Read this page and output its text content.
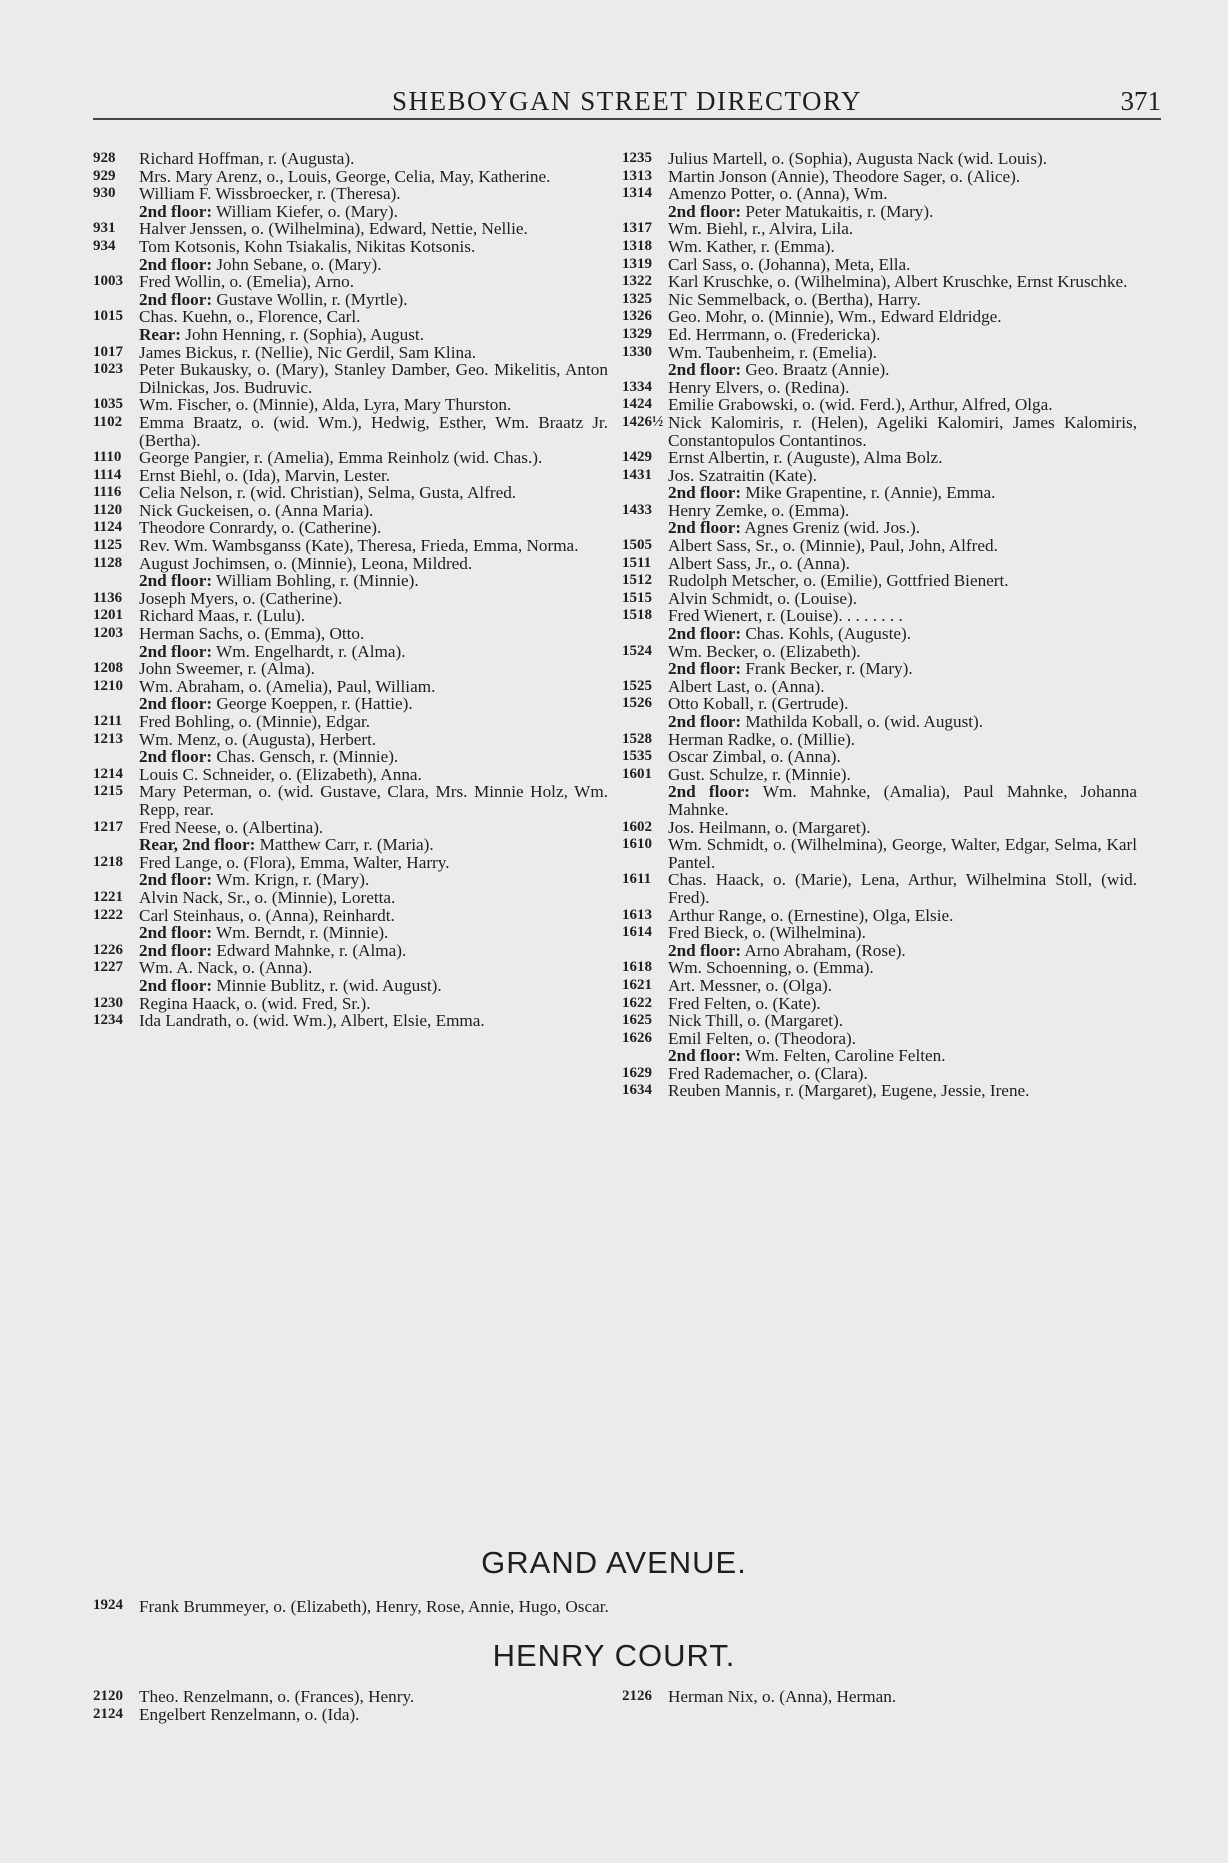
SHEBOYGAN STREET DIRECTORY	371
928	Richard Hoffman, r. (Augusta).
929	Mrs. Mary Arenz, o., Louis, George, Celia, May, Katherine.
930	William F. Wissbroecker, r. (Theresa).
2nd floor: William Kiefer, o. (Mary).
931	Halver Jenssen, o. (Wilhelmina), Edward, Nettie, Nellie.
934	Tom Kotsonis, Kohn Tsiakalis, Nikitas Kotsonis.
2nd floor: John Sebane, o. (Mary).
1003 Fred Wollin, o. (Emelia), Arno.
2nd floor: Gustave Wollin, r. (Myrtle).
1015 Chas. Kuehn, o., Florence, Carl.
Rear: John Henning, r. (Sophia), August.
1017 James Bickus, r. (Nellie), Nic Gerdil, Sam Klina.
1023 Peter Bukausky, o. (Mary), Stanley Damber, Geo. Mikelitis, Anton Dilnickas, Jos. Budruvic.
1035 Wm. Fischer, o. (Minnie), Alda, Lyra, Mary Thurston.
1102 Emma Braatz, o. (wid. Wm.), Hedwig, Esther, Wm. Braatz Jr. (Bertha).
1110	George Pangier, r. (Amelia), Emma Reinholz (wid. Chas.).
1114	Ernst Biehl, o. (Ida), Marvin, Lester.
1116	Celia Nelson, r. (wid. Christian), Selma, Gusta, Alfred.
1120 Nick Guckeisen, o. (Anna Maria).
1124 Theodore Conrardy, o. (Catherine).
1125 Rev. Wm. Wambsganss (Kate), Theresa, Frieda, Emma, Norma.
1128 August Jochimsen, o. (Minnie), Leona, Mildred.
2nd floor: William Bohling, r. (Minnie).
1136 Joseph Myers, o. (Catherine).
1201 Richard Maas, r. (Lulu).
1203 Herman Sachs, o. (Emma), Otto.
2nd floor: Wm. Engelhardt, r. (Alma).
1208 John Sweemer, r. (Alma).
1210 Wm. Abraham, o. (Amelia), Paul, William.
2nd floor: George Koeppen, r. (Hattie).
1211 Fred Bohling, o. (Minnie), Edgar.
1213 Wm. Menz, o. (Augusta), Herbert.
2nd floor: Chas. Gensch, r. (Minnie).
1214 Louis C. Schneider, o. (Elizabeth), Anna.
1215 Mary Peterman, o. (wid. Gustave, Clara, Mrs. Minnie Holz, Wm. Repp, rear.
1217 Fred Neese, o. (Albertina).
Rear, 2nd floor: Matthew Carr, r. (Maria).
1218 Fred Lange, o. (Flora), Emma, Walter, Harry.
2nd floor: Wm. Krign, r. (Mary).
1221 Alvin Nack, Sr., o. (Minnie), Loretta.
1222 Carl Steinhaus, o. (Anna), Reinhardt.
2nd floor: Wm. Berndt, r. (Minnie).
1226 2nd floor: Edward Mahnke, r. (Alma).
1227 Wm. A. Nack, o. (Anna).
2nd floor: Minnie Bublitz, r. (wid. August).
1230 Regina Haack, o. (wid. Fred, Sr.).
1234 Ida Landrath, o. (wid. Wm.), Albert, Elsie, Emma.
1235 Julius Martell, o. (Sophia), Augusta Nack (wid. Louis).
1313 Martin Jonson (Annie), Theodore Sager, o. (Alice).
1314 Amenzo Potter, o. (Anna), Wm.
2nd floor: Peter Matukaitis, r. (Mary).
1317 Wm. Biehl, r., Alvira, Lila.
1318 Wm. Kather, r. (Emma).
1319 Carl Sass, o. (Johanna), Meta, Ella.
1322 Karl Kruschke, o. (Wilhelmina), Albert Kruschke, Ernst Kruschke.
1325 Nic Semmelback, o. (Bertha), Harry.
1326 Geo. Mohr, o. (Minnie), Wm., Edward Eldridge.
1329 Ed. Herrmann, o. (Fredericka).
1330 Wm. Taubenheim, r. (Emelia).
2nd floor: Geo. Braatz (Annie).
1334 Henry Elvers, o. (Redina).
1424 Emilie Grabowski, o. (wid. Ferd.), Arthur, Alfred, Olga.
1426½ Nick Kalomiris, r. (Helen), Ageliki Kalomiri, James Kalomiris, Constantopulos Contantinos.
1429 Ernst Albertin, r. (Auguste), Alma Bolz.
1431 Jos. Szatraitin (Kate).
2nd floor: Mike Grapentine, r. (Annie), Emma.
1433 Henry Zemke, o. (Emma).
2nd floor: Agnes Greniz (wid. Jos.).
1505 Albert Sass, Sr., o. (Minnie), Paul, John, Alfred.
1511 Albert Sass, Jr., o. (Anna).
1512 Rudolph Metscher, o. (Emilie), Gottfried Bienert.
1515 Alvin Schmidt, o. (Louise).
1518 Fred Wienert, r. (Louise). . . . . . . .
2nd floor: Chas. Kohls, (Auguste).
1524 Wm. Becker, o. (Elizabeth).
2nd floor: Frank Becker, r. (Mary).
1525 Albert Last, o. (Anna).
1526 Otto Koball, r. (Gertrude).
2nd floor: Mathilda Koball, o. (wid. August).
1528 Herman Radke, o. (Millie).
1535 Oscar Zimbal, o. (Anna).
1601 Gust. Schulze, r. (Minnie).
2nd floor: Wm. Mahnke, (Amalia), Paul Mahnke, Johanna Mahnke.
1602 Jos. Heilmann, o. (Margaret).
1610 Wm. Schmidt, o. (Wilhelmina), George, Walter, Edgar, Selma, Karl Pantel.
1611 Chas. Haack, o. (Marie), Lena, Arthur, Wilhelmina Stoll, (wid. Fred).
1613 Arthur Range, o. (Ernestine), Olga, Elsie.
1614 Fred Bieck, o. (Wilhelmina).
2nd floor: Arno Abraham, (Rose).
1618 Wm. Schoenning, o. (Emma).
1621 Art. Messner, o. (Olga).
1622 Fred Felten, o. (Kate).
1625 Nick Thill, o. (Margaret).
1626 Emil Felten, o. (Theodora).
2nd floor: Wm. Felten, Caroline Felten.
1629 Fred Rademacher, o. (Clara).
1634 Reuben Mannis, r. (Margaret), Eugene, Jessie, Irene.
GRAND AVENUE.
1924 Frank Brummeyer, o. (Elizabeth), Henry, Rose, Annie, Hugo, Oscar.
HENRY COURT.
2120 Theo. Renzelmann, o. (Frances), Henry.
2124 Engelbert Renzelmann, o. (Ida).
2126 Herman Nix, o. (Anna), Herman.
